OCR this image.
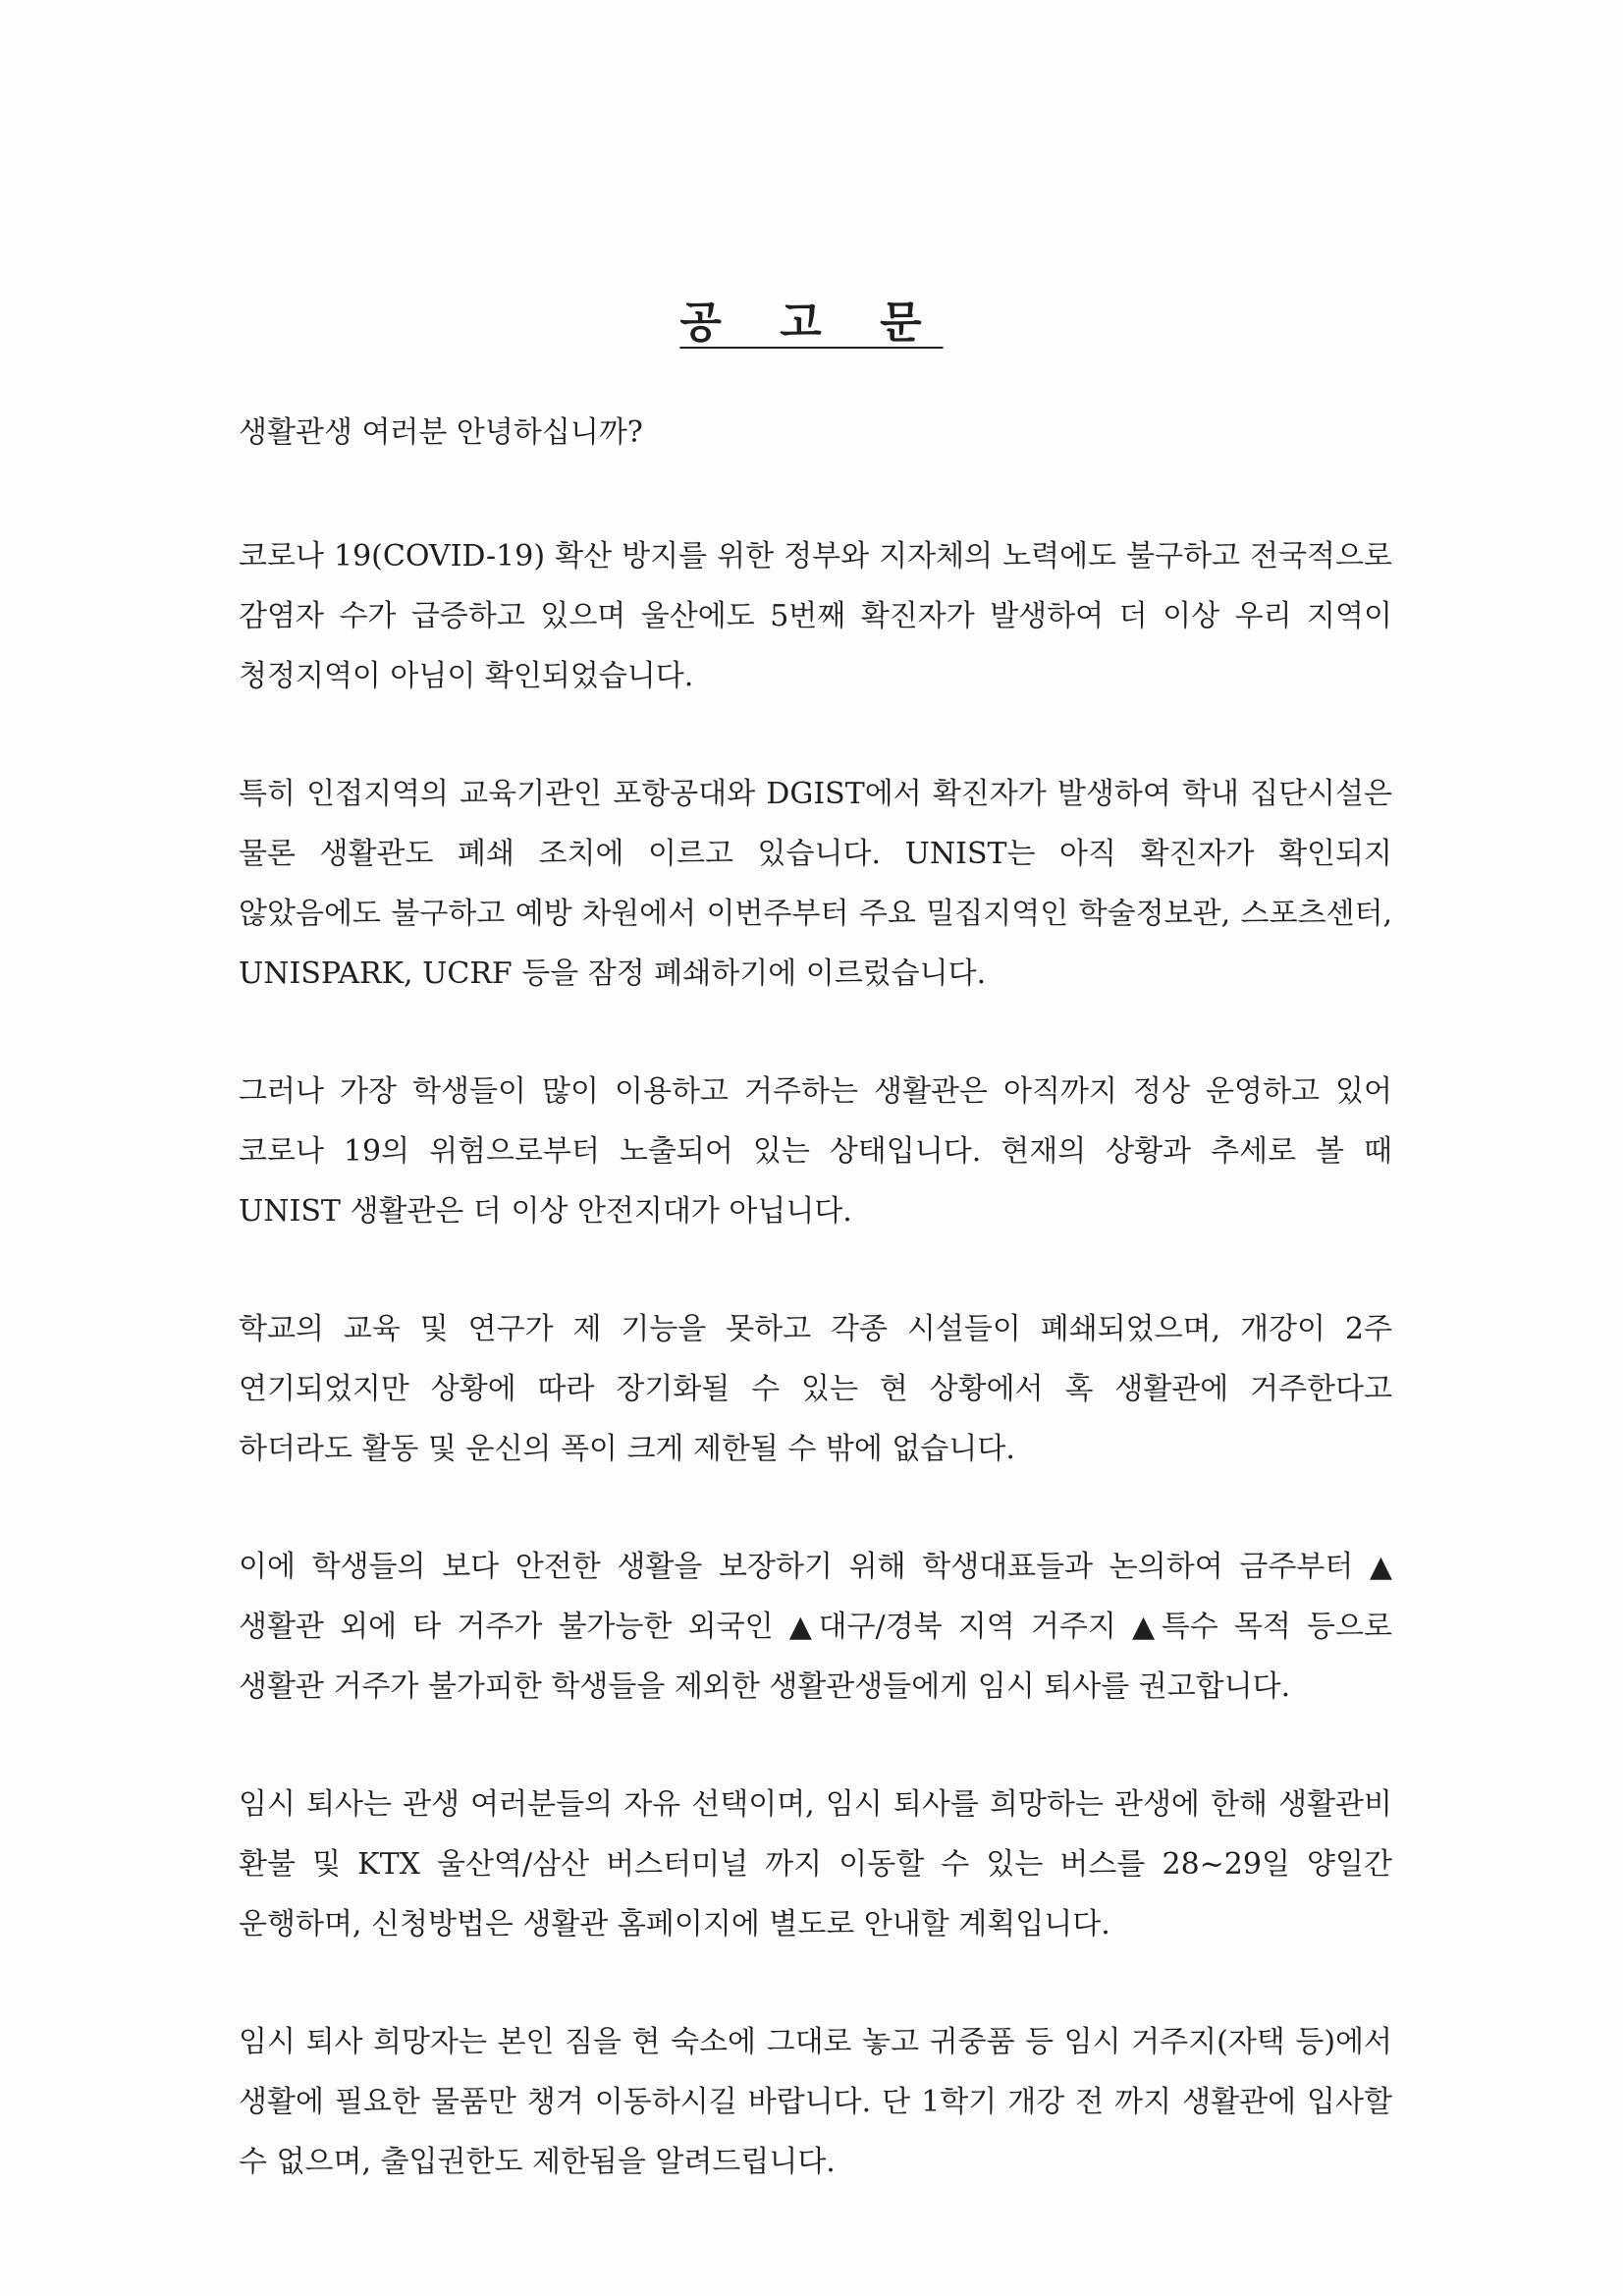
공 고 문

생활관생 여러분 안녕하십니까?

코로나 19(COVID-19) 확산 방지를 위한 정부와 지자체의 노력에도 불구하고 전국적으로 감염자 수가 급증하고 있으며 울산에도 5번째 확진자가 발생하여 더 이상 우리 지역이 청정지역이 아님이 확인되었습니다.

특히 인접지역의 교육기관인 포항공대와 DGIST에서 확진자가 발생하여 학내 집단시설은 물론 생활관도 폐쇄 조치에 이르고 있습니다. UNIST는 아직 확진자가 확인되지 않았음에도 불구하고 예방 차원에서 이번주부터 주요 밀집지역인 학술정보관, 스포츠센터, UNISPARK, UCRF 등을 잠정 폐쇄하기에 이르렀습니다.

그러나 가장 학생들이 많이 이용하고 거주하는 생활관은 아직까지 정상 운영하고 있어 코로나 19의 위험으로부터 노출되어 있는 상태입니다. 현재의 상황과 추세로 볼 때 UNIST 생활관은 더 이상 안전지대가 아닙니다.

학교의 교육 및 연구가 제 기능을 못하고 각종 시설들이 폐쇄되었으며, 개강이 2주 연기되었지만 상황에 따라 장기화될 수 있는 현 상황에서 혹 생활관에 거주한다고 하더라도 활동 및 운신의 폭이 크게 제한될 수 밖에 없습니다.

이에 학생들의 보다 안전한 생활을 보장하기 위해 학생대표들과 논의하여 금주부터 ▲생활관 외에 타 거주가 불가능한 외국인 ▲대구/경북 지역 거주지 ▲특수 목적 등으로 생활관 거주가 불가피한 학생들을 제외한 생활관생들에게 임시 퇴사를 권고합니다.

임시 퇴사는 관생 여러분들의 자유 선택이며, 임시 퇴사를 희망하는 관생에 한해 생활관비 환불 및 KTX 울산역/삼산 버스터미널 까지 이동할 수 있는 버스를 28~29일 양일간 운행하며, 신청방법은 생활관 홈페이지에 별도로 안내할 계획입니다.

임시 퇴사 희망자는 본인 짐을 현 숙소에 그대로 놓고 귀중품 등 임시 거주지(자택 등)에서 생활에 필요한 물품만 챙겨 이동하시길 바랍니다. 단 1학기 개강 전 까지 생활관에 입사할 수 없으며, 출입권한도 제한됨을 알려드립니다.
